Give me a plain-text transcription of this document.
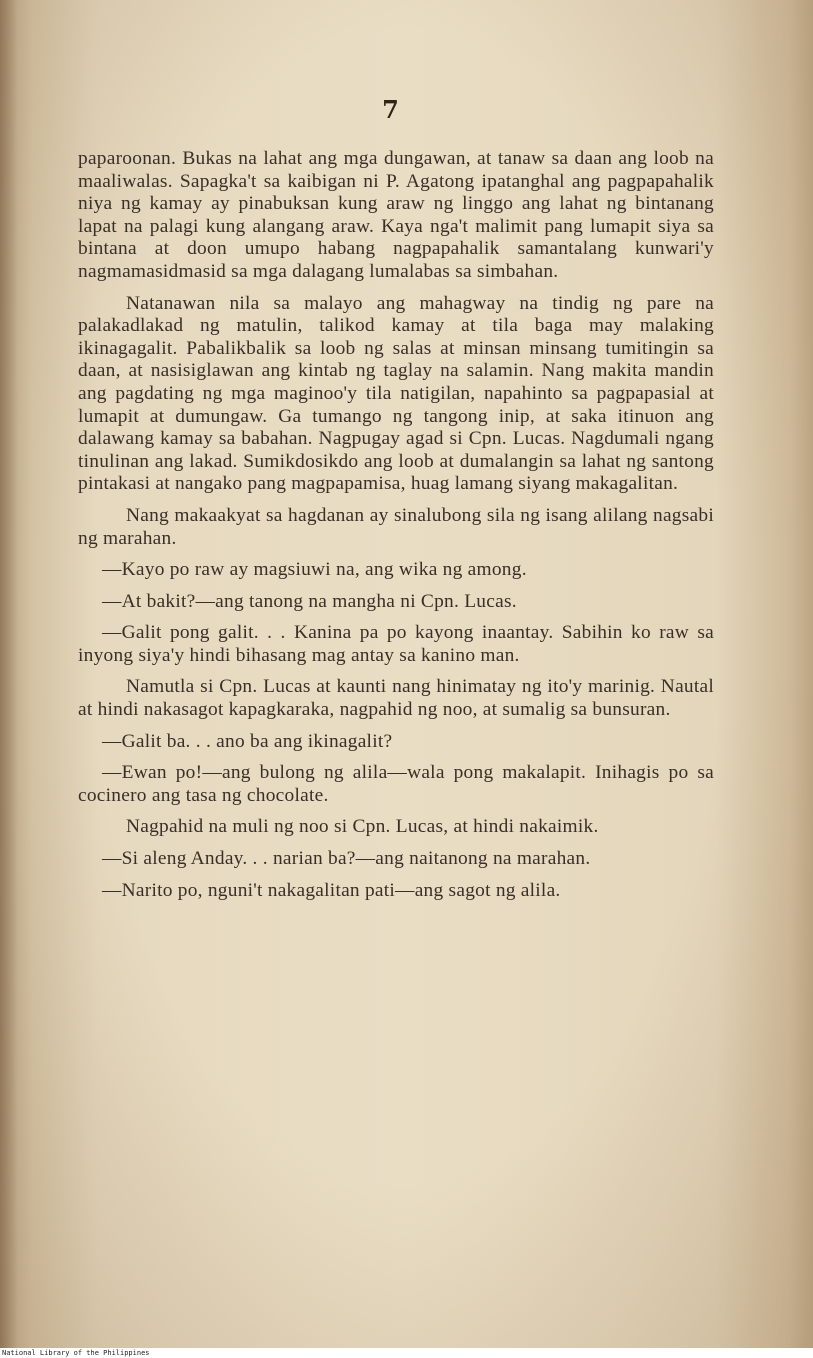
7

paparoonan. Bukas na lahat ang mga dungawan, at tanaw sa daan ang loob na maaliwalas. Sapagka't sa kaibigan ni P. Agatong ipatanghal ang pagpapahalik niya ng kamay ay pinabuksan kung araw ng linggo ang lahat ng bintanang lapat na palagi kung alangang araw. Kaya nga't malimit pang lumapit siya sa bintana at doon umupo habang nagpapahalik samantalang kunwari'y nagmamasidmasid sa mga dalagang lumalabas sa simbahan.

Natanawan nila sa malayo ang mahagway na tindig ng pare na palakadlakad ng matulin, talikod kamay at tila baga may malaking ikinagagalit. Pabalikbalik sa loob ng salas at minsan minsang tumitingin sa daan, at nasisiglawan ang kintab ng taglay na salamin. Nang makita mandin ang pagdating ng mga maginoo'y tila natigilan, napahinto sa pagpapasial at lumapit at dumungaw. Ga tumango ng tangong inip, at saka itinuon ang dalawang kamay sa babahan. Nagpugay agad si Cpn. Lucas. Nagdumali ngang tinulinan ang lakad. Sumikdosikdo ang loob at dumalangin sa lahat ng santong pintakasi at nangako pang magpapamisa, huag lamang siyang makagalitan.

Nang makaakyat sa hagdanan ay sinalubong sila ng isang alilang nagsabi ng marahan.

—Kayo po raw ay magsiuwi na, ang wika ng among.

—At bakit?—ang tanong na mangha ni Cpn. Lucas.

—Galit pong galit. . . Kanina pa po kayong inaantay. Sabihin ko raw sa inyong siya'y hindi bihasang mag antay sa kanino man.

Namutla si Cpn. Lucas at kaunti nang hinimatay ng ito'y marinig. Nautal at hindi nakasagot kapagkaraka, nagpahid ng noo, at sumalig sa bunsuran.

—Galit ba. . . ano ba ang ikinagalit?

—Ewan po!—ang bulong ng alila—wala pong makalapit. Inihagis po sa cocinero ang tasa ng chocolate.

Nagpahid na muli ng noo si Cpn. Lucas, at hindi nakaimik.

—Si aleng Anday. . . narian ba?—ang naitanong na marahan.

—Narito po, nguni't nakagalitan pati—ang sagot ng alila.

National Library of the Philippines
